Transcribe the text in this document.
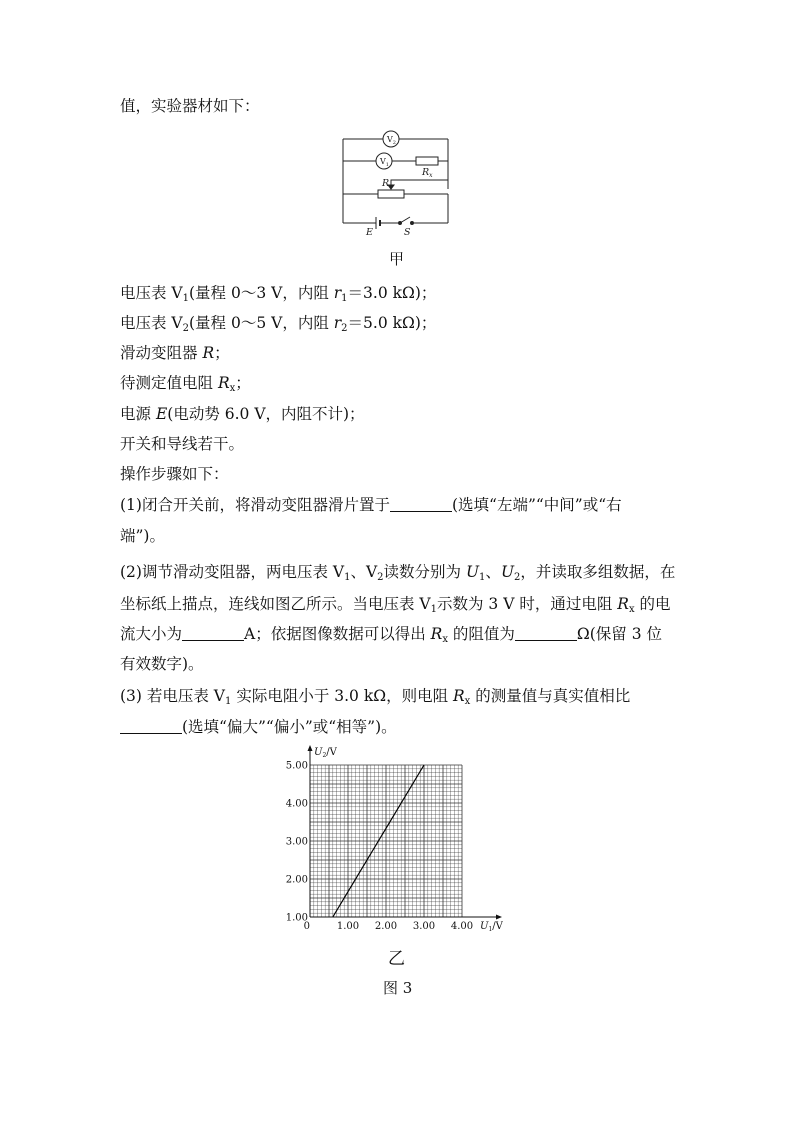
值，实验器材如下：
$V_2$
$V_1$
$R_x$
R
E	S
甲
电压表 $V_1$(量程 0～3 V，内阻 $r_1=3.0$ kΩ)；
电压表 $V_2$(量程 0～5 V，内阻 $r_2=5.0$ kΩ)；
滑动变阻器 R；
待测定值电阻 $R_x$；
电源 E(电动势 6.0 V，内阻不计)；
开关和导线若干。
操作步骤如下：
(1)闭合开关前，将滑动变阻器滑片置于	(选填“左端”“中间”或“右
端”)。
(2)调节滑动变阻器，两电压表 $V_1$、$V_2$读数分别为 $U_1$、$U_2$，并读取多组数据，在
坐标纸上描点，连线如图乙所示。当电压表 $V_1$示数为 3 V 时，通过电阻 $R_x$ 的电
流大小为	A；依据图像数据可以得出 $R_x$ 的阻值为	Ω(保留 3 位
有效数字)。
(3) 若电压表 $V_1$ 实际电阻小于 3.0 kΩ，则电阻 $R_x$ 的测量值与真实值相比
(选填“偏大”“偏小”或“相等”)。
0	1.00 2.00 3.00 4.00
1.00
2.00
3.00
4.00
5.00
$U_1/V$
$U_2/V$
乙
图 3
